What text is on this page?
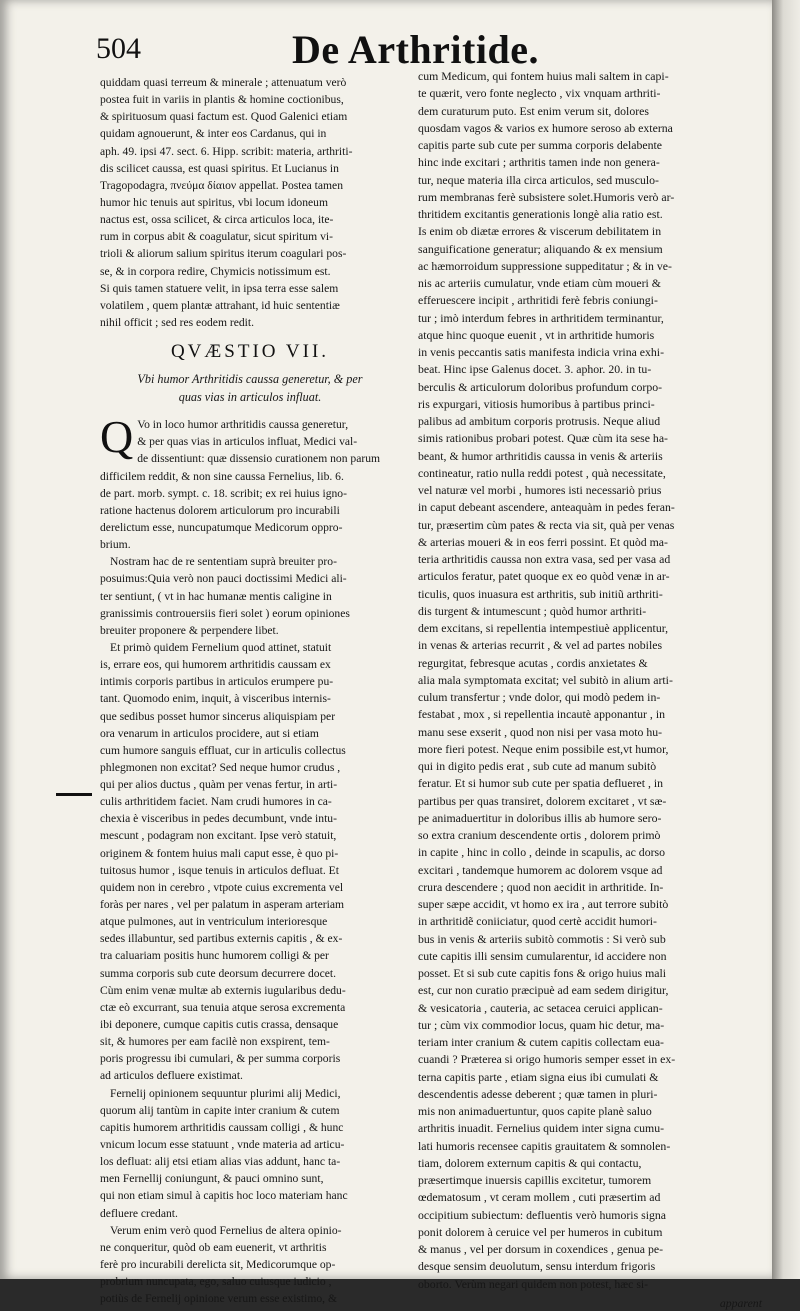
504	De Arthritide.
quiddam quasi terreum & minerale ; attenuatum verò
postea fuit in variis in plantis & homine coctionibus,
& spirituosum quasi factum est. Quod Galenici etiam
quidam agnouerunt, & inter eos Cardanus, qui in
aph. 49. ipsi 47. sect. 6. Hipp. scribit: materia, arthriti-
dis scilicet caussa, est quasi spiritus. Et Lucianus in
Tragopodagra, πνεύμα δίαιον appellat. Postea tamen
humor hic tenuis aut spiritus, vbi locum idoneum
nactus est, ossa scilicet, & circa articulos loca, ite-
rum in corpus abit & coagulatur, sicut spiritum vi-
trioli & aliorum salium spiritus iterum coagulari pos-
se, & in corpora redire, Chymicis notissimum est.
Si quis tamen statuere velit, in ipsa terra esse salem
volatilem , quem plantæ attrahant, id huic sententiæ
nihil officit ; sed res eodem redit.
QVÆSTIO VII.
Vbi humor Arthritidis caussa generetur, & per
quas vias in articulos influat.
Q Vo in loco humor arthritidis caussa generetur,
& per quas vias in articulos influat, Medici val-
de dissentiunt: quæ dissensio curationem non parum
difficilem reddit, & non sine caussa Fernelius, lib. 6.
de part. morb. sympt. c. 18. scribit; ex rei huius igno-
ratione hactenus dolorem articulorum pro incurabili
derelictum esse, nuncupatumque Medicorum oppro-
brium.
Nostram hac de re sententiam suprà breuiter pro-
posuimus:Quia verò non pauci doctissimi Medici ali-
ter sentiunt, ( vt in hac humanæ mentis caligine in
granissimis controuersiis fieri solet ) eorum opiniones
breuiter proponere & perpendere libet.
Et primò quidem Fernelium quod attinet, statuit
is, errare eos, qui humorem arthritidis caussam ex
intimis corporis partibus in articulos erumpere pu-
tant. Quomodo enim, inquit, à visceribus internis-
que sedibus posset humor sincerus aliquispiam per
ora venarum in articulos procidere, aut si etiam
cum humore sanguis effluat, cur in articulis collectus
phlegmonen non excitat? Sed neque humor crudus ,
qui per alios ductus , quàm per venas fertur, in arti-
culis arthritidem faciet. Nam crudi humores in ca-
chexia è visceribus in pedes decumbunt, vnde intu-
mescunt , podagram non excitant. Ipse verò statuit,
originem & fontem huius mali caput esse, è quo pi-
tuitosus humor , isque tenuis in articulos defluat. Et
quidem non in cerebro , vtpote cuius excrementa vel
foràs per nares , vel per palatum in asperam arteriam
atque pulmones, aut in ventriculum interioresque
sedes illabuntur, sed partibus externis capitis , & ex-
tra caluariam positis hunc humorem colligi & per
summa corporis sub cute deorsum decurrere docet.
Cùm enim venæ multæ ab externis iugularibus dedu-
ctæ eò excurrant, sua tenuia atque serosa excrementa
ibi deponere, cumque capitis cutis crassa, densaque
sit, & humores per eam facilè non exspirent, tem-
poris progressu ibi cumulari, & per summa corporis
ad articulos defluere existimat.
Fernelij opinionem sequuntur plurimi alij Medici,
quorum alij tantùm in capite inter cranium & cutem
capitis humorem arthritidis caussam colligi , & hunc
vnicum locum esse statuunt , vnde materia ad articu-
los defluat: alij etsi etiam alias vias addunt, hanc ta-
men Fernellij coniungunt, & pauci omnino sunt,
qui non etiam simul à capitis hoc loco materiam hanc
defluere credant.
Verum enim verò quod Fernelius de altera opinio-
ne conqueritur, quòd ob eam euenerit, vt arthritis
ferè pro incurabili derelicta sit, Medicorumque op-
probrium nuncupata, ego, saluo cuiusque iudicio ,
potiùs de Fernelij opinione verum esse existimo, &
cum Medicum, qui fontem huius mali saltem in capi-
te quærit, vero fonte neglecto , vix vnquam arthriti-
dem curaturum puto. Est enim verum sit, dolores
quosdam vagos & varios ex humore seroso ab externa
capitis parte sub cute per summa corporis delabente
hinc inde excitari ; arthritis tamen inde non genera-
tur, neque materia illa circa articulos, sed musculo-
rum membranas ferè subsistere solet.Humoris verò ar-
thritidem excitantis generationis longè alia ratio est.
Is enim ob diætæ errores & viscerum debilitatem in
sanguificatione generatur; aliquando & ex mensium
ac hæmorroidum suppressione suppeditatur ; & in ve-
nis ac arteriis cumulatur, vnde etiam cùm moueri &
efferuescere incipit , arthritidi ferè febris coniungi-
tur ; imò interdum febres in arthritidem terminantur,
atque hinc quoque euenit , vt in arthritide humoris
in venis peccantis satis manifesta indicia vrina exhi-
beat. Hinc ipse Galenus docet. 3. aphor. 20. in tu-
berculis & articulorum doloribus profundum corpo-
ris expurgari, vitiosis humoribus à partibus princi-
palibus ad ambitum corporis protrusis. Neque aliud
simis rationibus probari potest. Quæ cùm ita sese ha-
beant, & humor arthritidis caussa in venis & arteriis
contineatur, ratio nulla reddi potest , quà necessitate,
vel naturæ vel morbi , humores isti necessariò prius
in caput debeant ascendere, anteaquàm in pedes feran-
tur, præsertim cùm pates & recta via sit, quà per venas
& arterias moueri & in eos ferri possint. Et quòd ma-
teria arthritidis caussa non extra vasa, sed per vasa ad
articulos feratur, patet quoque ex eo quòd venæ in ar-
ticulis, quos inuasura est arthritis, sub initiũ arthriti-
dis turgent & intumescunt ; quòd humor arthriti-
dem excitans, si repellentia intempestiuè applicentur,
in venas & arterias recurrit , & vel ad partes nobiles
regurgitat, febresque acutas , cordis anxietates &
alia mala symptomata excitat; vel subitò in alium arti-
culum transfertur ; vnde dolor, qui modò pedem in-
festabat , mox , si repellentia incautè apponantur , in
manu sese exserit , quod non nisi per vasa moto hu-
more fieri potest. Neque enim possibile est,vt humor,
qui in digito pedis erat , sub cute ad manum subitò
feratur. Et si humor sub cute per spatia deflueret , in
partibus per quas transiret, dolorem excitaret , vt sæ-
pe animaduertitur in doloribus illis ab humore sero-
so extra cranium descendente ortis , dolorem primò
in capite , hinc in collo , deinde in scapulis, ac dorso
excitari , tandemque humorem ac dolorem vsque ad
crura descendere ; quod non aecidit in arthritide. In-
super sæpe accidit, vt homo ex ira , aut terrore subitò
in arthritidẽ coniiciatur, quod certè accidit humori-
bus in venis & arteriis subitò commotis : Si verò sub
cute capitis illi sensim cumularentur, id accidere non
posset. Et si sub cute capitis fons & origo huius mali
est, cur non curatio præcipuè ad eam sedem dirigitur,
& vesicatoria , cauteria, ac setacea ceruici applican-
tur ; cùm vix commodior locus, quam hic detur, ma-
teriam inter cranium & cutem capitis collectam eua-
cuandi ? Præterea si origo humoris semper esset in ex-
terna capitis parte , etiam signa eius ibi cumulati &
descendentis adesse deberent ; quæ tamen in pluri-
mis non animaduertuntur, quos capite planè saluo
arthritis inuadit. Fernelius quidem inter signa cumu-
lati humoris recensee capitis grauitatem & somnolen-
tiam, dolorem externum capitis & qui contactu,
præsertimque inuersis capillis excitetur, tumorem
œdematosum , vt ceram mollem , cuti præsertim ad
occipitium subiectum: defluentis verò humoris signa
ponit dolorem à ceruice vel per humeros in cubitum
& manus , vel per dorsum in coxendices , genua pe-
desque sensim deuolutum, sensu interdum frigoris
oborto. Verùm negari quidem non potest, hæc si-
apparent
